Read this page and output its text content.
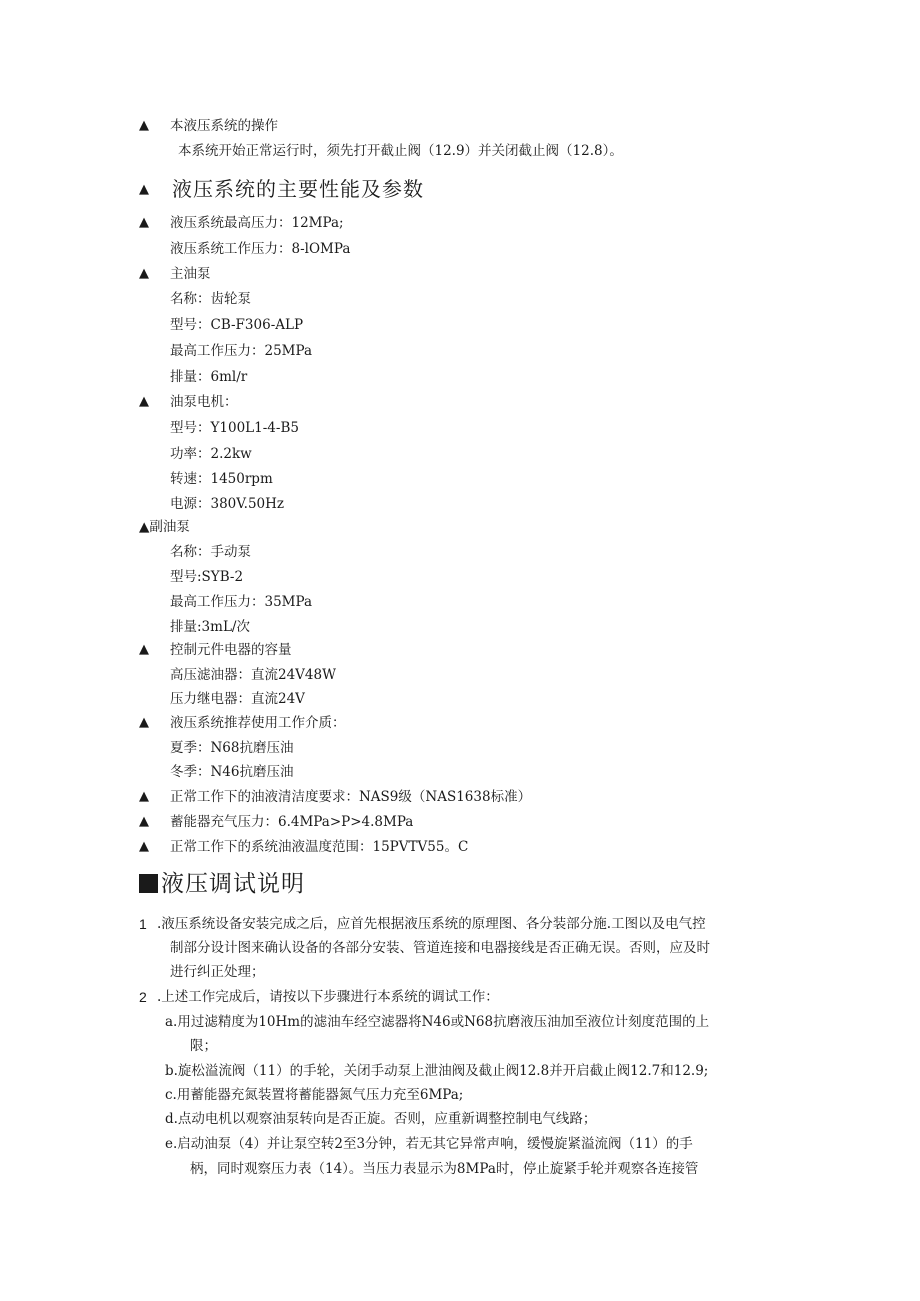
▲ 本液压系统的操作
本系统开始正常运行时，须先打开截止阀（12.9）并关闭截止阀（12.8）。
▲ 液压系统的主要性能及参数
▲ 液压系统最高压力：12MPa;
液压系统工作压力：8-lOMPa
▲ 主油泵
名称：齿轮泵
型号：CB-F306-ALP
最高工作压力：25MPa
排量：6ml∕r
▲ 油泵电机：
型号：Y100L1-4-B5
功率：2.2kw
转速：1450rpm
电源：380V.50Hz
▲副油泵
名称：手动泵
型号:SYB-2
最高工作压力：35MPa
排量:3mL/次
▲ 控制元件电器的容量
高压滤油器：直流24V48W
压力继电器：直流24V
▲ 液压系统推荐使用工作介质：
夏季：N68抗磨压油
冬季：N46抗磨压油
▲ 正常工作下的油液清洁度要求：NAS9级（NAS1638标准）
▲ 蓄能器充气压力：6.4MPa>P>4.8MPa
▲ 正常工作下的系统油液温度范围：15PVTV55。C
液压调试说明
1 .液压系统设备安装完成之后，应首先根据液压系统的原理图、各分装部分施.工图以及电气控
制部分设计图来确认设备的各部分安装、管道连接和电器接线是否正确无误。否则，应及时
进行纠正处理；
2 .上述工作完成后，请按以下步骤进行本系统的调试工作：
a.用过滤精度为10Hm的滤油车经空滤器将N46或N68抗磨液压油加至液位计刻度范围的上
限；
b.旋松溢流阀（11）的手轮，关闭手动泵上泄油阀及截止阀12.8并开启截止阀12.7和12.9;
c.用蓄能器充氮装置将蓄能器氮气压力充至6MPa;
d.点动电机以观察油泵转向是否正旋。否则，应重新调整控制电气线路；
e.启动油泵（4）并让泵空转2至3分钟，若无其它异常声响，缓慢旋紧溢流阀（11）的手
柄，同时观察压力表（14）。当压力表显示为8MPa时，停止旋紧手轮并观察各连接管
